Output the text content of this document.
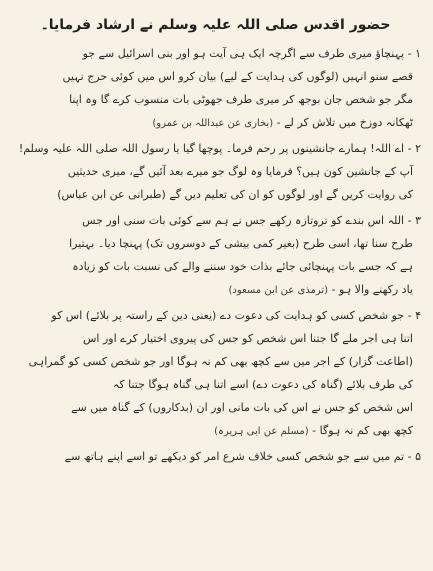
حضور اقدس صلی اللہ علیہ وسلم نے ارشاد فرمایا۔
۱ - پہنچاؤ میری طرف سے اگرچہ ایک ہی آیت ہو اور بنی اسرائیل سے جو
قصے سنو انہیں (لوگوں کی ہدایت کے لیے) بیان کرو اس میں کوئی حرج نہیں
مگر جو شخص جان بوجھ کر میری طرف جھوٹی بات منسوب کرے گا وہ اپنا
ٹھکانہ دوزخ میں تلاش کر لے - (بخاری عن عبداللہ بن عمرو)
۲ - اے اللہ! ہمارے جانشینوں پر رحم فرما۔ پوچھا گیا یا رسول اللہ صلی اللہ علیہ وسلم!
آپ کے جانشین کون ہیں؟ فرمایا وہ لوگ جو میرے بعد آئیں گے، میری حدیثیں
کی روایت کریں گے اور لوگوں کو ان کی تعلیم دیں گے (طبرانی عن ابن عباس)
۳ - اللہ اس بندے کو تروتازہ رکھے جس نے ہم سے کوئی بات سنی اور جس
طرح سنا تھا، اسی طرح (بغیر کمی بیشی کے دوسروں تک) پہنچا دیا۔ بہتیرا
ہے کہ جسے بات پہنچائی جائے بذات خود سننے والے کی نسبت بات کو زیادہ
یاد رکھنے والا ہو - (ترمذی عن ابن مسعود)
۴ - جو شخص کسی کو ہدایت کی دعوت دے (یعنی دین کے راستہ پر بلائے) اس کو
اتنا ہی اجر ملے گا جتنا اس شخص کو جس کی پیروی اختیار کرے اور اس
(اطاعت گزار) کے اجر میں سے کچھ بھی کم نہ ہوگا اور جو شخص کسی کو گمراہی
کی طرف بلائے (گناہ کی دعوت دے) اسے اتنا ہی گناہ ہوگا جتنا کہ
اس شخص کو جس نے اس کی بات مانی اور ان (بدکاروں) کے گناہ میں سے
کچھ بھی کم نہ ہوگا - (مسلم عن ابی ہریرہ)
۵ - تم میں سے جو شخص کسی خلاف شرع امر کو دیکھے تو اسے اپنے ہاتھ سے
